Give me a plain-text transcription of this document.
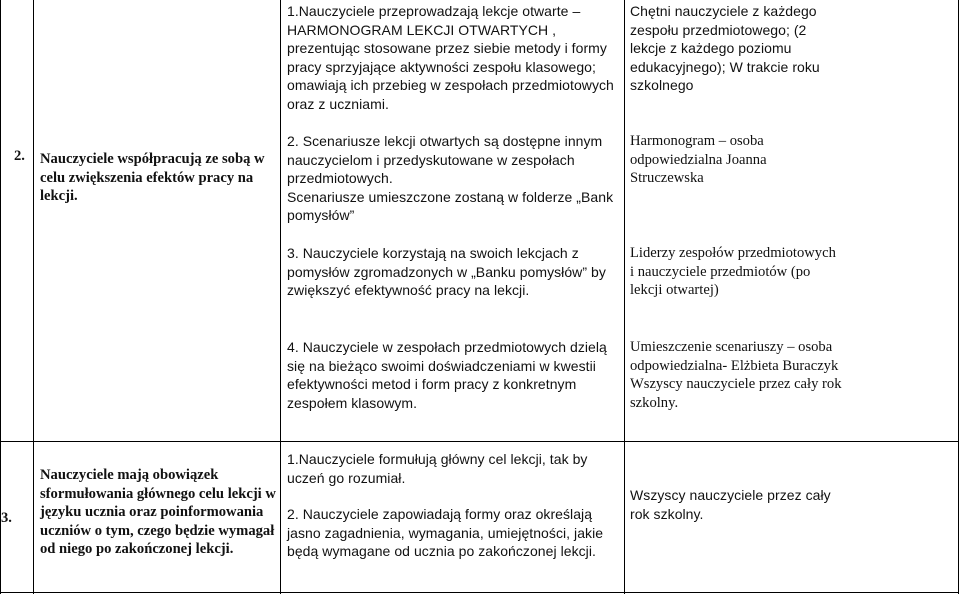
1.Nauczyciele przeprowadzają lekcje otwarte – HARMONOGRAM LEKCJI OTWARTYCH , prezentując stosowane przez siebie metody i formy pracy sprzyjające aktywności zespołu klasowego; omawiają ich przebieg w zespołach przedmiotowych oraz z uczniami.

Chętni nauczyciele z każdego zespołu przedmiotowego; (2 lekcje z każdego poziomu edukacyjnego); W trakcie roku szkolnego

2. Nauczyciele współpracują ze sobą w celu zwiększenia efektów pracy na lekcji.

2. Scenariusze lekcji otwartych są dostępne innym nauczycielom i przedyskutowane w zespołach przedmiotowych.

Scenariusze umieszczone zostaną w folderze „Bank pomysłów”

3. Nauczyciele korzystają na swoich lekcjach z pomysłów zgromadzonych w „Banku pomysłów” by zwiększyć efektywność pracy na lekcji.

4. Nauczyciele w zespołach przedmiotowych dzielą się na bieżąco swoimi doświadczeniami w kwestii efektywności metod i form pracy z konkretnym zespołem klasowym.

Harmonogram – osoba odpowiedzialna Joanna Struczewska

Liderzy zespołów przedmiotowych i nauczyciele przedmiotów (po lekcji otwartej)

Umieszczenie scenariuszy – osoba odpowiedzialna- Elżbieta Buraczyk

Wszyscy nauczyciele przez cały rok szkolny.

3.
Nauczyciele mają obowiązek sformułowania głównego celu lekcji w języku ucznia oraz poinformowania uczniów o tym, czego będzie wymagał od niego po zakończonej lekcji.

1.Nauczyciele formułują główny cel lekcji, tak by uczeń go rozumiał.

2. Nauczyciele zapowiadają formy oraz określają jasno zagadnienia, wymagania, umiejętności, jakie będą wymagane od ucznia po zakończonej lekcji.

Wszyscy nauczyciele przez cały rok szkolny.
